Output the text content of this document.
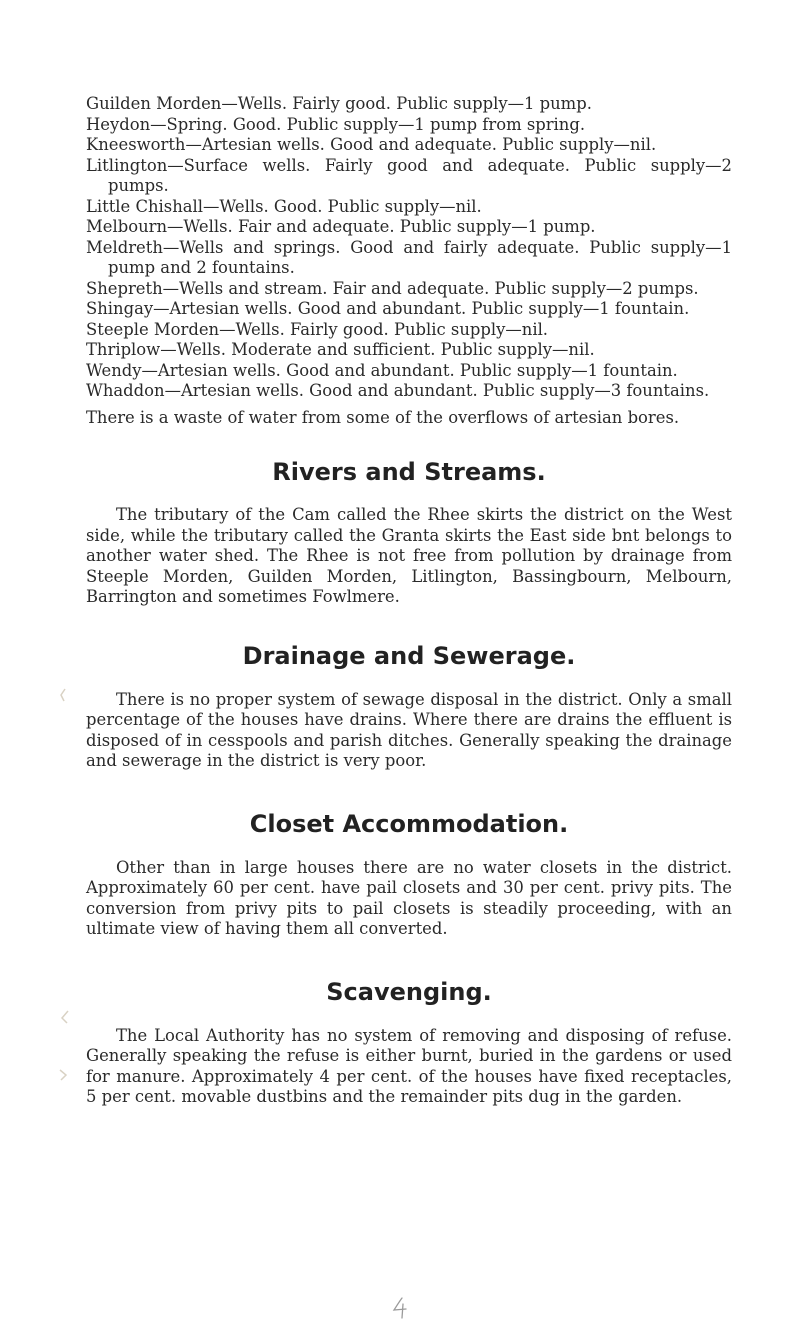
Guilden Morden—Wells. Fairly good. Public supply—1 pump.

Heydon—Spring. Good. Public supply—1 pump from spring.

Kneesworth—Artesian wells. Good and adequate. Public supply—nil.

Litlington—Surface wells. Fairly good and adequate. Public supply—2 pumps.

Little Chishall—Wells. Good. Public supply—nil.

Melbourn—Wells. Fair and adequate. Public supply—1 pump.

Meldreth—Wells and springs. Good and fairly adequate. Public supply—1 pump and 2 fountains.

Shepreth—Wells and stream. Fair and adequate. Public supply—2 pumps.

Shingay—Artesian wells. Good and abundant. Public supply—1 fountain.

Steeple Morden—Wells. Fairly good. Public supply—nil.

Thriplow—Wells. Moderate and sufficient. Public supply—nil.

Wendy—Artesian wells. Good and abundant. Public supply—1 fountain.

Whaddon—Artesian wells. Good and abundant. Public supply—3 fountains.

There is a waste of water from some of the overflows of artesian bores.

Rivers and Streams.

The tributary of the Cam called the Rhee skirts the district on the West side, while the tributary called the Granta skirts the East side bnt belongs to another water shed. The Rhee is not free from pollution by drainage from Steeple Morden, Guilden Morden, Litlington, Bassingbourn, Melbourn, Barrington and sometimes Fowlmere.

Drainage and Sewerage.

There is no proper system of sewage disposal in the district. Only a small percentage of the houses have drains. Where there are drains the effluent is disposed of in cesspools and parish ditches. Generally speaking the drainage and sewerage in the district is very poor.

Closet Accommodation.

Other than in large houses there are no water closets in the district. Approximately 60 per cent. have pail closets and 30 per cent. privy pits. The conversion from privy pits to pail closets is steadily proceeding, with an ultimate view of having them all converted.

Scavenging.

The Local Authority has no system of removing and disposing of refuse. Generally speaking the refuse is either burnt, buried in the gardens or used for manure. Approximately 4 per cent. of the houses have fixed receptacles, 5 per cent. movable dustbins and the remainder pits dug in the garden.
